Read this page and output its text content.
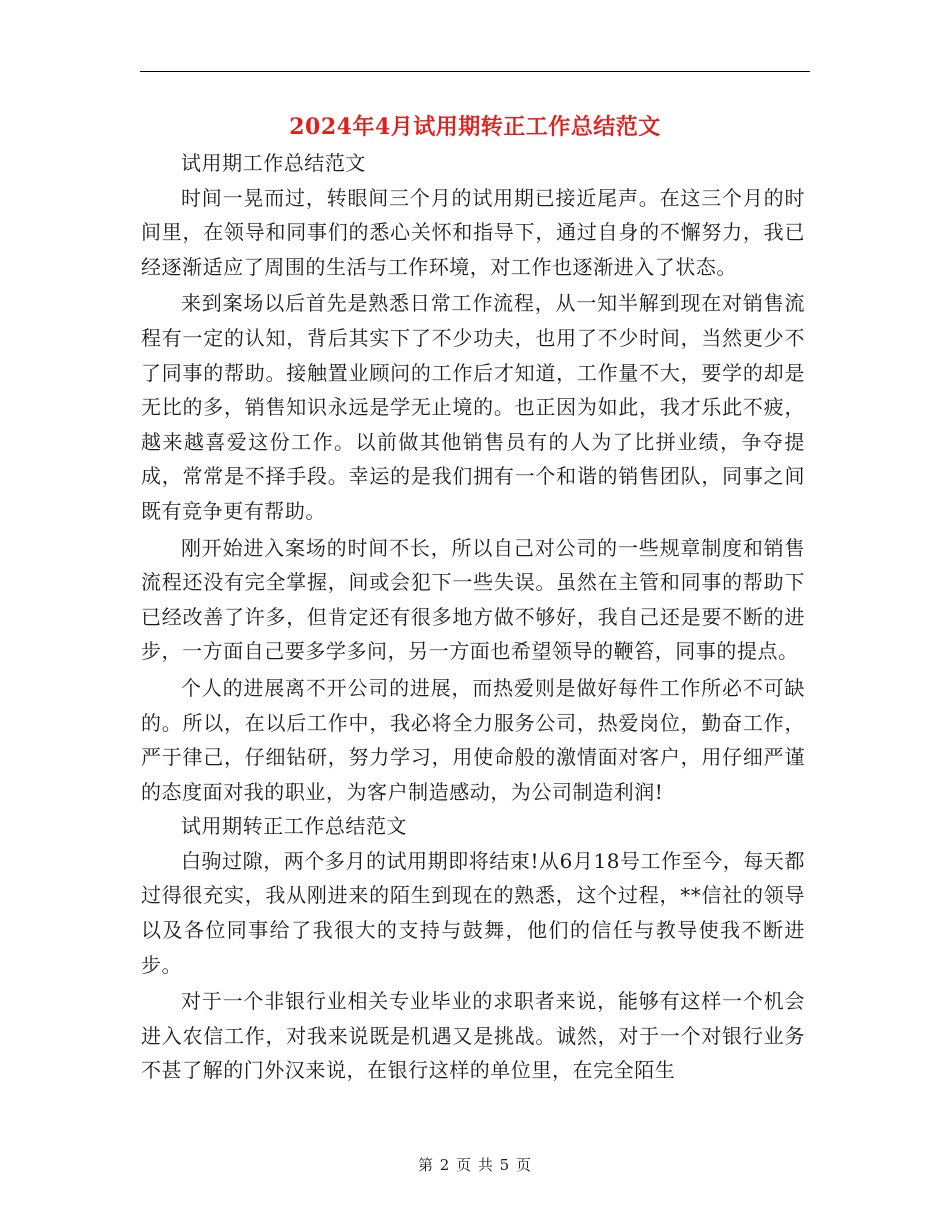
2024年4月试用期转正工作总结范文

试用期工作总结范文

时间一晃而过，转眼间三个月的试用期已接近尾声。在这三个月的时间里，在领导和同事们的悉心关怀和指导下，通过自身的不懈努力，我已经逐渐适应了周围的生活与工作环境，对工作也逐渐进入了状态。

来到案场以后首先是熟悉日常工作流程，从一知半解到现在对销售流程有一定的认知，背后其实下了不少功夫，也用了不少时间，当然更少不了同事的帮助。接触置业顾问的工作后才知道，工作量不大，要学的却是无比的多，销售知识永远是学无止境的。也正因为如此，我才乐此不疲，越来越喜爱这份工作。以前做其他销售员有的人为了比拼业绩，争夺提成，常常是不择手段。幸运的是我们拥有一个和谐的销售团队，同事之间既有竞争更有帮助。

刚开始进入案场的时间不长，所以自己对公司的一些规章制度和销售流程还没有完全掌握，间或会犯下一些失误。虽然在主管和同事的帮助下已经改善了许多，但肯定还有很多地方做不够好，我自己还是要不断的进步，一方面自己要多学多问，另一方面也希望领导的鞭笞，同事的提点。

个人的进展离不开公司的进展，而热爱则是做好每件工作所必不可缺的。所以，在以后工作中，我必将全力服务公司，热爱岗位，勤奋工作，严于律己，仔细钻研，努力学习，用使命般的激情面对客户，用仔细严谨的态度面对我的职业，为客户制造感动，为公司制造利润!

试用期转正工作总结范文

白驹过隙，两个多月的试用期即将结束!从6月18号工作至今，每天都过得很充实，我从刚进来的陌生到现在的熟悉，这个过程，**信社的领导以及各位同事给了我很大的支持与鼓舞，他们的信任与教导使我不断进步。

对于一个非银行业相关专业毕业的求职者来说，能够有这样一个机会进入农信工作，对我来说既是机遇又是挑战。诚然，对于一个对银行业务不甚了解的门外汉来说，在银行这样的单位里，在完全陌生

第 2 页 共 5 页
